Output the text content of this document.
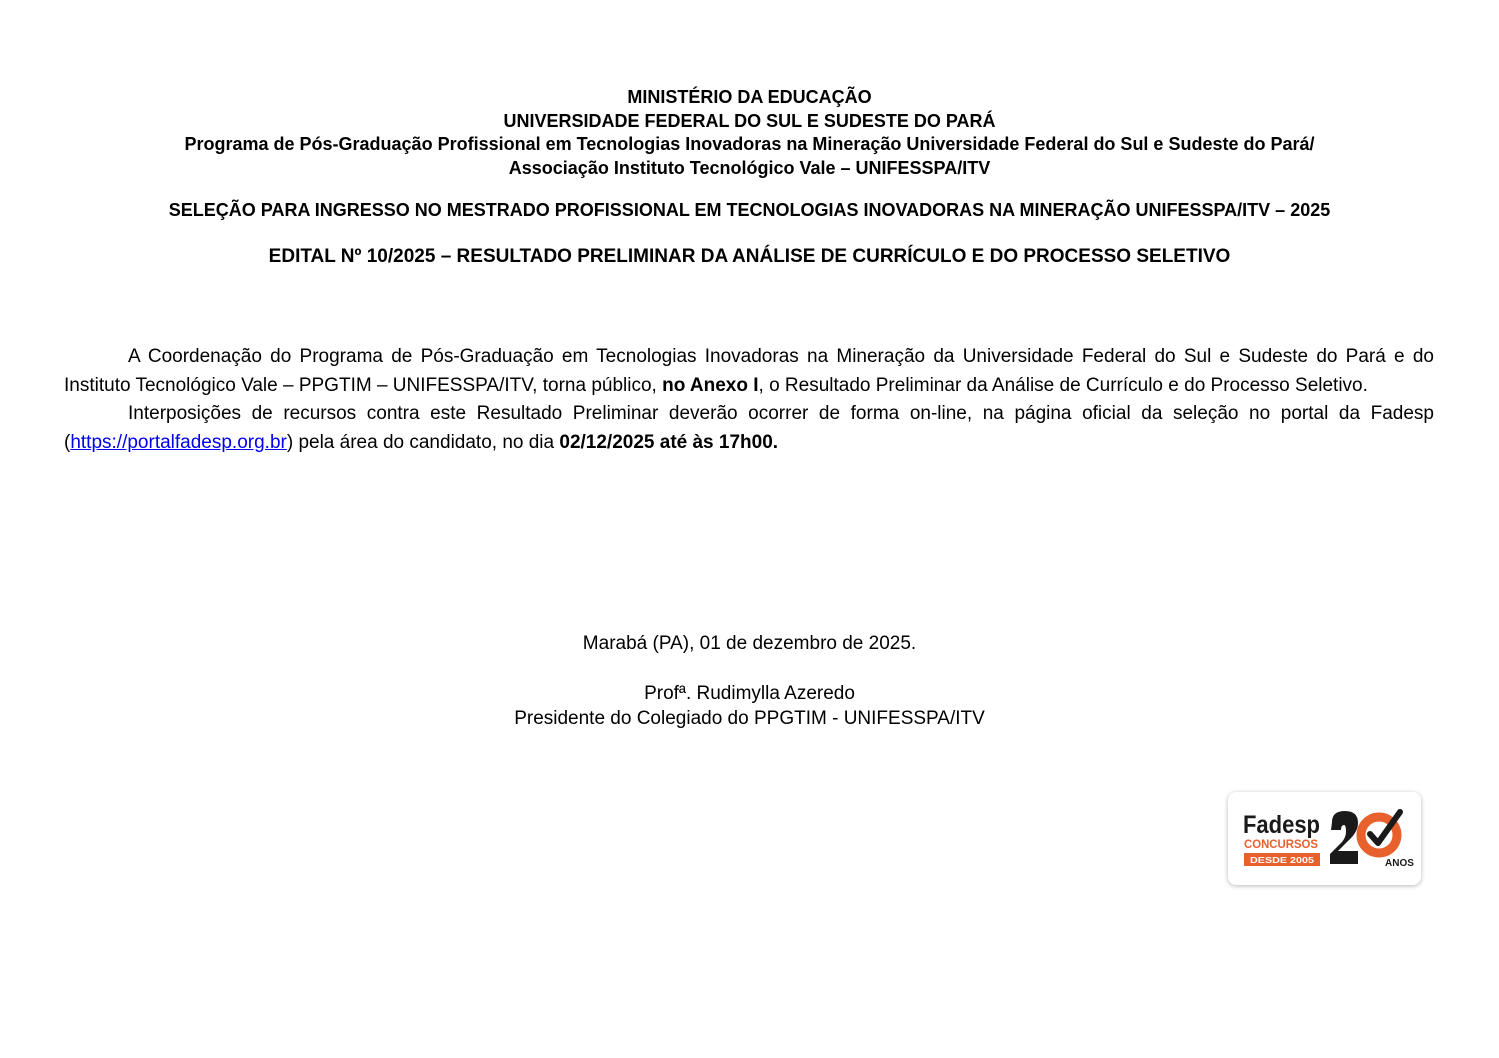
MINISTÉRIO DA EDUCAÇÃO
UNIVERSIDADE FEDERAL DO SUL E SUDESTE DO PARÁ
Programa de Pós-Graduação Profissional em Tecnologias Inovadoras na Mineração Universidade Federal do Sul e Sudeste do Pará/
Associação Instituto Tecnológico Vale – UNIFESSPA/ITV
SELEÇÃO PARA INGRESSO NO MESTRADO PROFISSIONAL EM TECNOLOGIAS INOVADORAS NA MINERAÇÃO UNIFESSPA/ITV – 2025
EDITAL Nº 10/2025 – RESULTADO PRELIMINAR DA ANÁLISE DE CURRÍCULO E DO PROCESSO SELETIVO

A Coordenação do Programa de Pós-Graduação em Tecnologias Inovadoras na Mineração da Universidade Federal do Sul e Sudeste do Pará e do Instituto Tecnológico Vale – PPGTIM – UNIFESSPA/ITV, torna público, no Anexo I, o Resultado Preliminar da Análise de Currículo e do Processo Seletivo.

Interposições de recursos contra este Resultado Preliminar deverão ocorrer de forma on-line, na página oficial da seleção no portal da Fadesp (https://portalfadesp.org.br) pela área do candidato, no dia 02/12/2025 até às 17h00.

Marabá (PA), 01 de dezembro de 2025.
Profª. Rudimylla Azeredo
Presidente do Colegiado do PPGTIM - UNIFESSPA/ITV
Fadesp
CONCURSOS
DESDE 2005	ANOS
